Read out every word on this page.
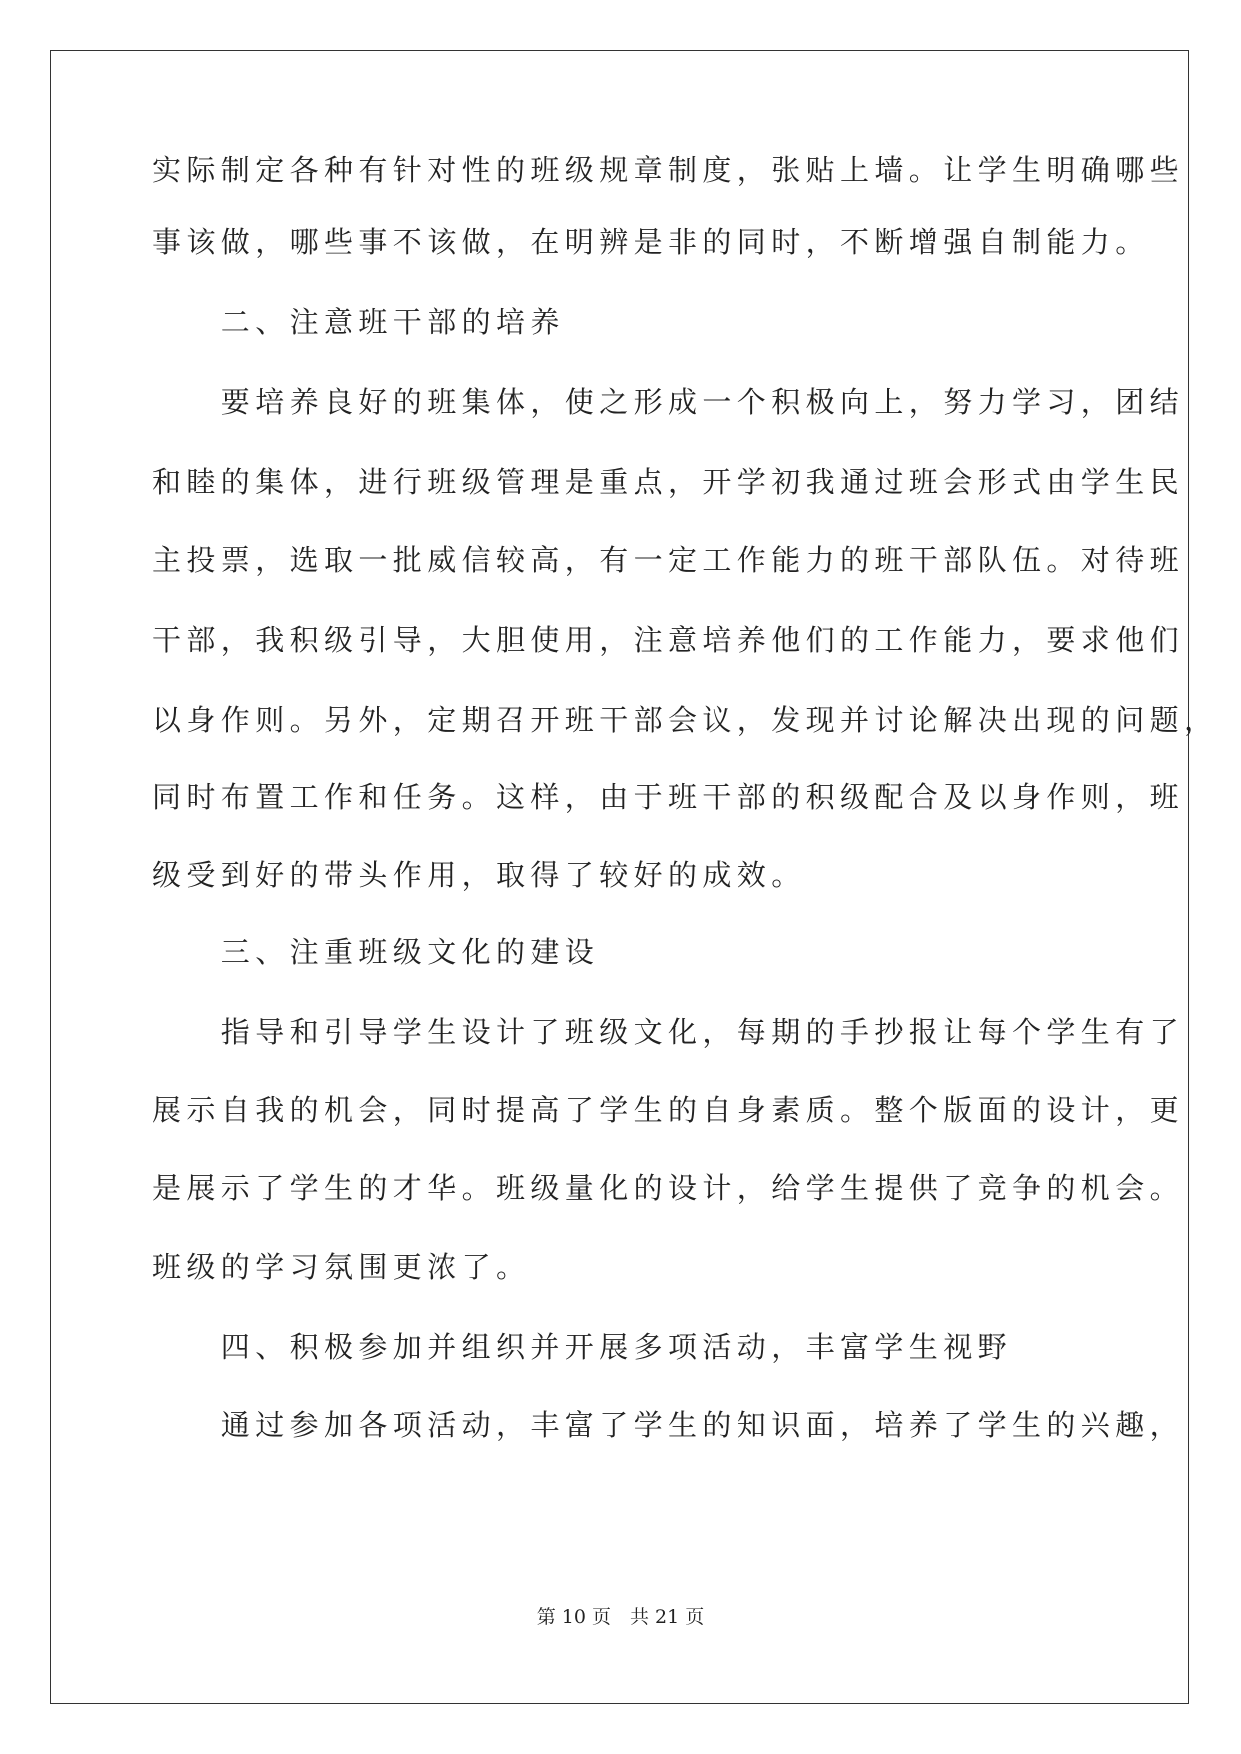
实际制定各种有针对性的班级规章制度，张贴上墙。让学生明确哪些
事该做，哪些事不该做，在明辨是非的同时，不断增强自制能力。
　　二、注意班干部的培养
　　要培养良好的班集体，使之形成一个积极向上，努力学习，团结
和睦的集体，进行班级管理是重点，开学初我通过班会形式由学生民
主投票，选取一批威信较高，有一定工作能力的班干部队伍。对待班
干部，我积级引导，大胆使用，注意培养他们的工作能力，要求他们
以身作则。另外，定期召开班干部会议，发现并讨论解决出现的问题，
同时布置工作和任务。这样，由于班干部的积级配合及以身作则，班
级受到好的带头作用，取得了较好的成效。
　　三、注重班级文化的建设
　　指导和引导学生设计了班级文化，每期的手抄报让每个学生有了
展示自我的机会，同时提高了学生的自身素质。整个版面的设计，更
是展示了学生的才华。班级量化的设计，给学生提供了竞争的机会。
班级的学习氛围更浓了。
　　四、积极参加并组织并开展多项活动，丰富学生视野
　　通过参加各项活动，丰富了学生的知识面，培养了学生的兴趣，
第 10 页　共 21 页
